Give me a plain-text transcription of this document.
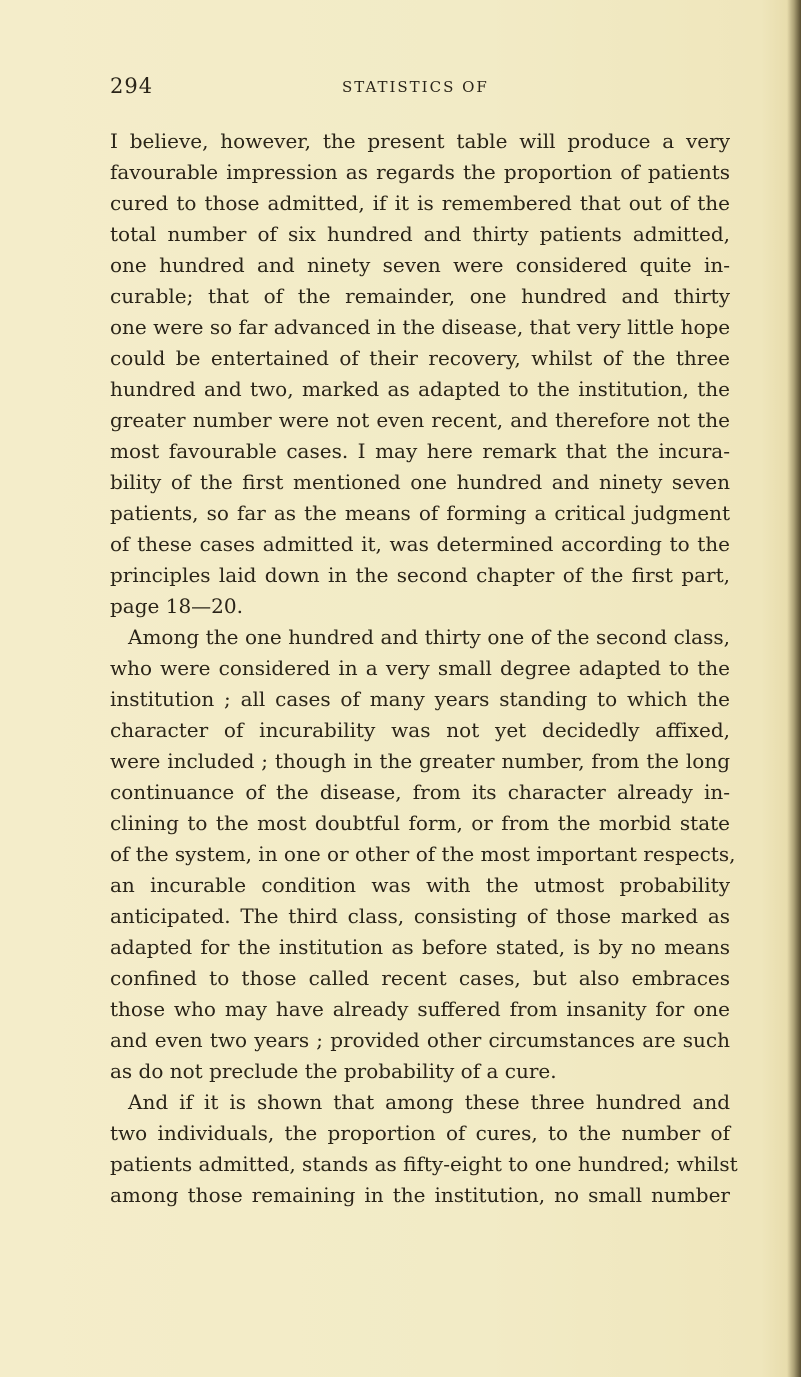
294	STATISTICS OF
I believe, however, the present table will produce a very
favourable impression as regards the proportion of patients
cured to those admitted, if it is remembered that out of the
total number of six hundred and thirty patients admitted,
one hundred and ninety seven were considered quite in-
curable; that of the remainder, one hundred and thirty
one were so far advanced in the disease, that very little hope
could be entertained of their recovery, whilst of the three
hundred and two, marked as adapted to the institution, the
greater number were not even recent, and therefore not the
most favourable cases. I may here remark that the incura-
bility of the first mentioned one hundred and ninety seven
patients, so far as the means of forming a critical judgment
of these cases admitted it, was determined according to the
principles laid down in the second chapter of the first part,
page 18—20.
Among the one hundred and thirty one of the second class,
who were considered in a very small degree adapted to the
institution ; all cases of many years standing to which the
character of incurability was not yet decidedly affixed,
were included ; though in the greater number, from the long
continuance of the disease, from its character already in-
clining to the most doubtful form, or from the morbid state
of the system, in one or other of the most important respects,
an incurable condition was with the utmost probability
anticipated. The third class, consisting of those marked as
adapted for the institution as before stated, is by no means
confined to those called recent cases, but also embraces
those who may have already suffered from insanity for one
and even two years ; provided other circumstances are such
as do not preclude the probability of a cure.
And if it is shown that among these three hundred and
two individuals, the proportion of cures, to the number of
patients admitted, stands as fifty-eight to one hundred; whilst
among those remaining in the institution, no small number
